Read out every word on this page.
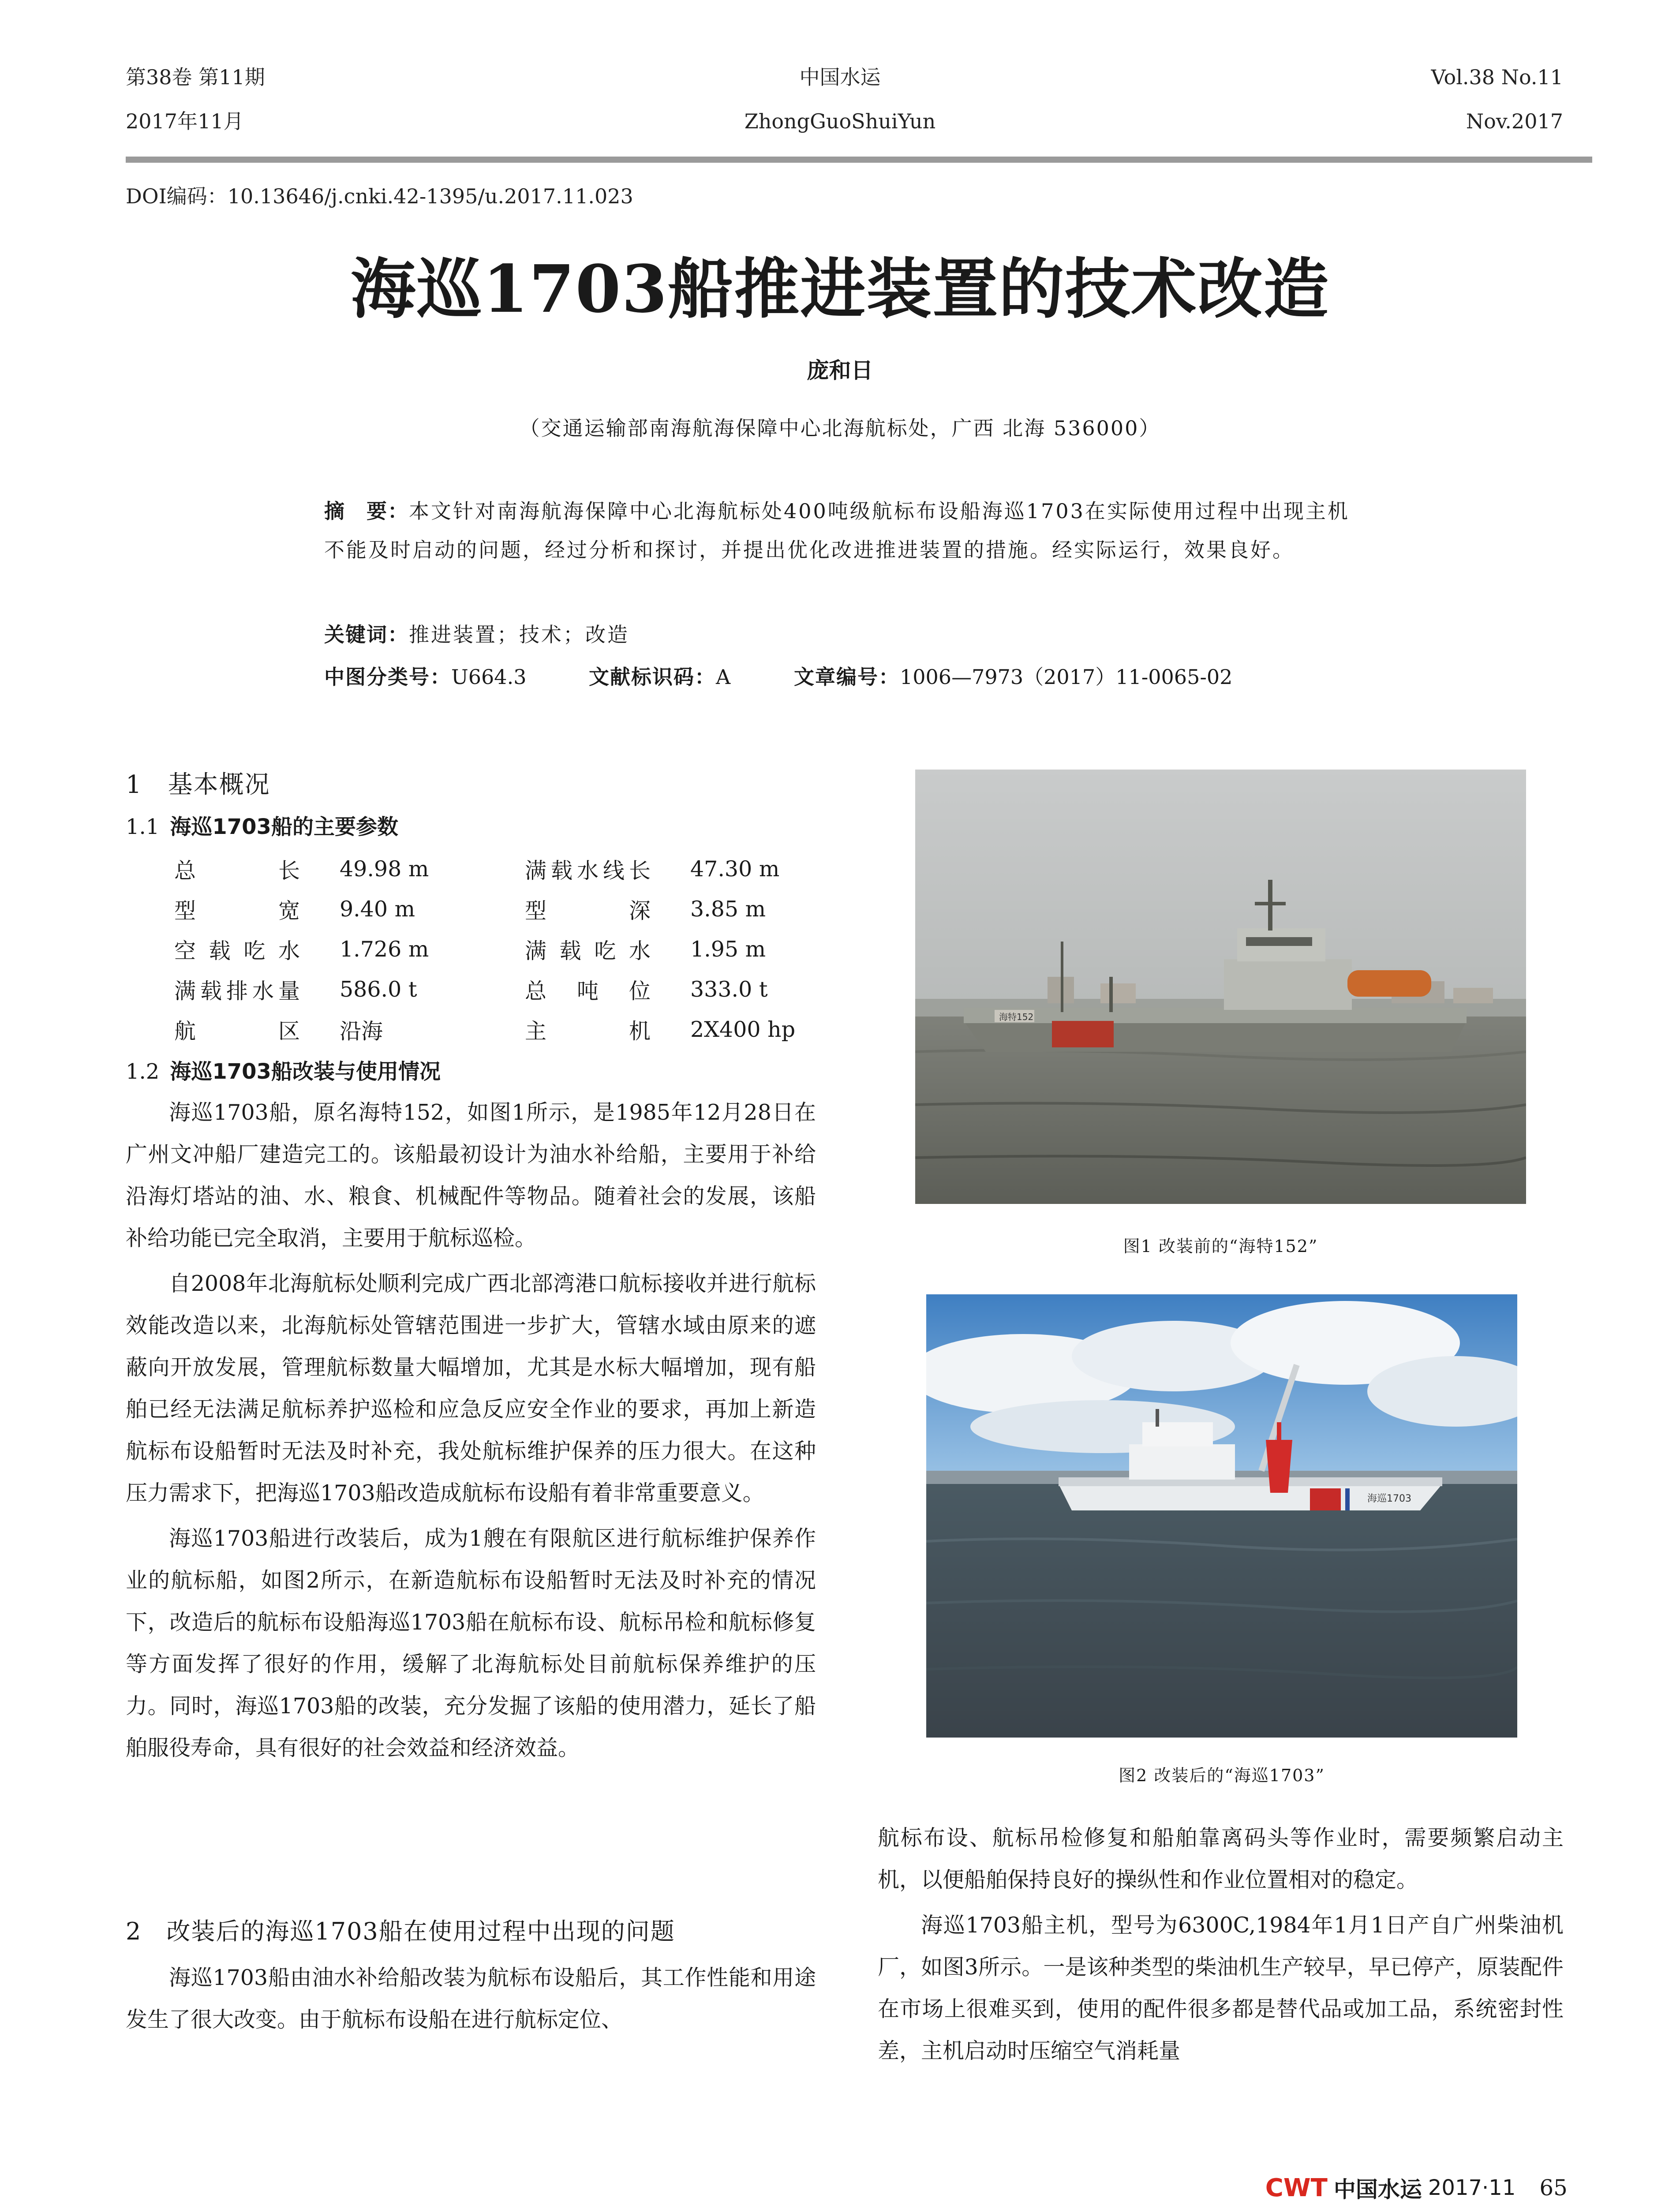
第38卷 第11期
2017年11月
中国水运
ZhongGuoShuiYun
Vol.38 No.11
Nov.2017
DOI编码：10.13646/j.cnki.42-1395/u.2017.11.023
海巡1703船推进装置的技术改造
庞和日
（交通运输部南海航海保障中心北海航标处，广西 北海 536000）
摘　要：本文针对南海航海保障中心北海航标处400吨级航标布设船海巡1703在实际使用过程中出现主机不能及时启动的问题，经过分析和探讨，并提出优化改进推进装置的措施。经实际运行，效果良好。
关键词：推进装置；技术；改造
中图分类号：U664.3	文献标识码：A	文章编号：1006—7973（2017）11-0065-02
1　基本概况
1.1 海巡1703船的主要参数
总长	49.98 m	满载水线长	47.30 m
型宽	9.40 m	型深	3.85 m
空载吃水	1.726 m	满载吃水	1.95 m
满载排水量	586.0 t	总吨位	333.0 t
航区	沿海	主机	2X400 hp
1.2 海巡1703船改装与使用情况

海巡1703船，原名海特152，如图1所示，是1985年12月28日在广州文冲船厂建造完工的。该船最初设计为油水补给船，主要用于补给沿海灯塔站的油、水、粮食、机械配件等物品。随着社会的发展，该船补给功能已完全取消，主要用于航标巡检。

自2008年北海航标处顺利完成广西北部湾港口航标接收并进行航标效能改造以来，北海航标处管辖范围进一步扩大，管辖水域由原来的遮蔽向开放发展，管理航标数量大幅增加，尤其是水标大幅增加，现有船舶已经无法满足航标养护巡检和应急反应安全作业的要求，再加上新造航标布设船暂时无法及时补充，我处航标维护保养的压力很大。在这种压力需求下，把海巡1703船改造成航标布设船有着非常重要意义。

海巡1703船进行改装后，成为1艘在有限航区进行航标维护保养作业的航标船，如图2所示，在新造航标布设船暂时无法及时补充的情况下，改造后的航标布设船海巡1703船在航标布设、航标吊检和航标修复等方面发挥了很好的作用，缓解了北海航标处目前航标保养维护的压力。同时，海巡1703船的改装，充分发掘了该船的使用潜力，延长了船舶服役寿命，具有很好的社会效益和经济效益。

2　改装后的海巡1703船在使用过程中出现的问题

海巡1703船由油水补给船改装为航标布设船后，其工作性能和用途发生了很大改变。由于航标布设船在进行航标定位、

海特152
图1 改装前的“海特152”
海巡1703
图2 改装后的“海巡1703”

航标布设、航标吊检修复和船舶靠离码头等作业时，需要频繁启动主机，以便船舶保持良好的操纵性和作业位置相对的稳定。

海巡1703船主机，型号为6300C,1984年1月1日产自广州柴油机厂，如图3所示。一是该种类型的柴油机生产较早，早已停产，原装配件在市场上很难买到，使用的配件很多都是替代品或加工品，系统密封性差，主机启动时压缩空气消耗量

CWT 中国水运 2017·11 65
